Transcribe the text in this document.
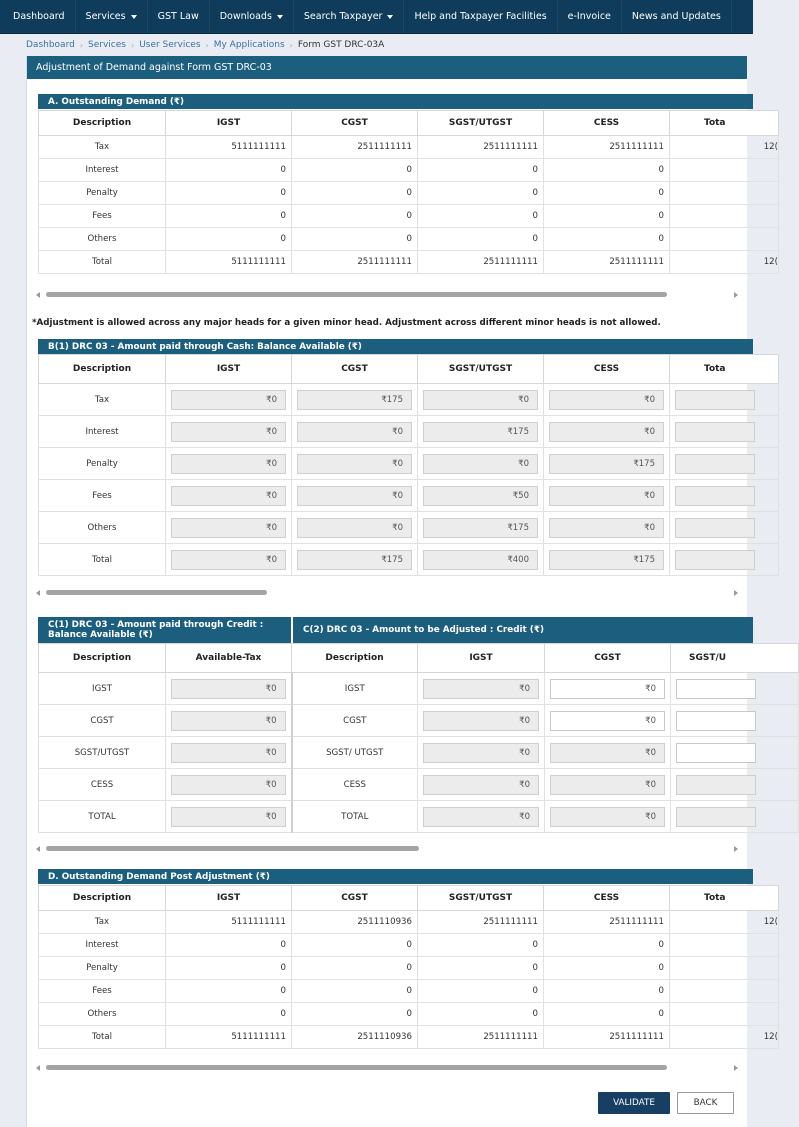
Dashboard Services	GST Law Downloads	Search Taxpayer	Help and Taxpayer Facilities e-Invoice News and Updates
Dashboard › Services › User Services › My Applications › Form GST DRC-03A
Adjustment of Demand against Form GST DRC-03
A. Outstanding Demand (₹)
Description	IGST	CGST	SGST/UTGST	CESS	Tota
Tax	5111111111	2511111111	2511111111	2511111111	12(
Interest	0	0	0	0	
Penalty	0	0	0	0	
Fees	0	0	0	0	
Others	0	0	0	0	
Total	5111111111	2511111111	2511111111	2511111111	12(
*Adjustment is allowed across any major heads for a given minor head. Adjustment across different minor heads is not allowed.
B(1) DRC 03 - Amount paid through Cash: Balance Available (₹)
Description	IGST	CGST	SGST/UTGST	CESS	Tota
Tax	₹0	₹175	₹0	₹0	

Interest	₹0	₹0	₹175	₹0	

Penalty	₹0	₹0	₹0	₹175	

Fees	₹0	₹0	₹50	₹0	

Others	₹0	₹0	₹175	₹0	

Total	₹0	₹175	₹400	₹175	

C(1) DRC 03 - Amount paid through Credit :
Balance Available (₹)	C(2) DRC 03 - Amount to be Adjusted : Credit (₹)
Description	Available-Tax	Description	IGST	CGST	SGST/U
IGST	₹0	IGST	₹0	₹0	

CGST	₹0	CGST	₹0	₹0	

SGST/UTGST	₹0	SGST/ UTGST	₹0	₹0	

CESS	₹0	CESS	₹0	₹0	

TOTAL	₹0	TOTAL	₹0	₹0	

D. Outstanding Demand Post Adjustment (₹)
Description	IGST	CGST	SGST/UTGST	CESS	Tota
Tax	5111111111	2511110936	2511111111	2511111111	12(
Interest	0	0	0	0	
Penalty	0	0	0	0	
Fees	0	0	0	0	
Others	0	0	0	0	
Total	5111111111	2511110936	2511111111	2511111111	12(
VALIDATE	BACK
